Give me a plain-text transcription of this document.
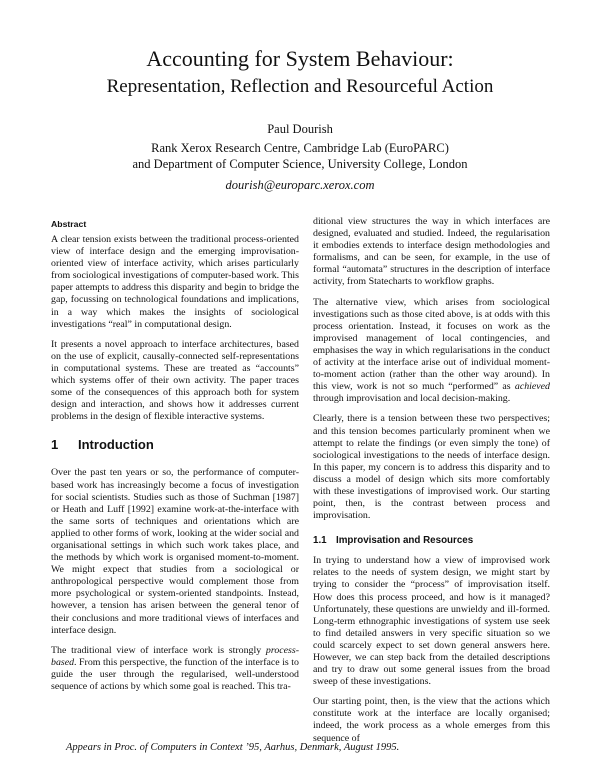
Accounting for System Behaviour:
Representation, Reflection and Resourceful Action
Paul Dourish
Rank Xerox Research Centre, Cambridge Lab (EuroPARC)
and Department of Computer Science, University College, London
dourish@europarc.xerox.com
Abstract

A clear tension exists between the traditional process-oriented view of interface design and the emerging improvisation-oriented view of interface activity, which arises particularly from sociological investigations of computer-based work. This paper attempts to address this disparity and begin to bridge the gap, focussing on technological foundations and implications, in a way which makes the insights of sociological investigations “real” in computational design.

It presents a novel approach to interface architectures, based on the use of explicit, causally-connected self-representations in computational systems. These are treated as “accounts” which systems offer of their own activity. The paper traces some of the consequences of this approach both for system design and interaction, and shows how it addresses current problems in the design of flexible interactive systems.

1 Introduction

Over the past ten years or so, the performance of computer-based work has increasingly become a focus of investigation for social scientists. Studies such as those of Suchman [1987] or Heath and Luff [1992] examine work-at-the-interface with the same sorts of techniques and orientations which are applied to other forms of work, looking at the wider social and organisational settings in which such work takes place, and the methods by which work is organised moment-to-moment. We might expect that studies from a sociological or anthropological perspective would complement those from more psychological or system-oriented standpoints. Instead, however, a tension has arisen between the general tenor of their conclusions and more traditional views of interfaces and interface design.

The traditional view of interface work is strongly process-based. From this perspective, the function of the interface is to guide the user through the regularised, well-understood sequence of actions by which some goal is reached. This tra-

ditional view structures the way in which interfaces are designed, evaluated and studied. Indeed, the regularisation it embodies extends to interface design methodologies and formalisms, and can be seen, for example, in the use of formal “automata” structures in the description of interface activity, from Statecharts to workflow graphs.

The alternative view, which arises from sociological investigations such as those cited above, is at odds with this process orientation. Instead, it focuses on work as the improvised management of local contingencies, and emphasises the way in which regularisations in the conduct of activity at the interface arise out of individual moment-to-moment action (rather than the other way around). In this view, work is not so much “performed” as achieved through improvisation and local decision-making.

Clearly, there is a tension between these two perspectives; and this tension becomes particularly prominent when we attempt to relate the findings (or even simply the tone) of sociological investigations to the needs of interface design. In this paper, my concern is to address this disparity and to discuss a model of design which sits more comfortably with these investigations of improvised work. Our starting point, then, is the contrast between process and improvisation.

1.1 Improvisation and Resources

In trying to understand how a view of improvised work relates to the needs of system design, we might start by trying to consider the “process” of improvisation itself. How does this process proceed, and how is it managed? Unfortunately, these questions are unwieldy and ill-formed. Long-term ethnographic investigations of system use seek to find detailed answers in very specific situation so we could scarcely expect to set down general answers here. However, we can step back from the detailed descriptions and try to draw out some general issues from the broad sweep of these investigations.

Our starting point, then, is the view that the actions which constitute work at the interface are locally organised; indeed, the work process as a whole emerges from this sequence of

Appears in Proc. of Computers in Context ’95, Aarhus, Denmark, August 1995.
